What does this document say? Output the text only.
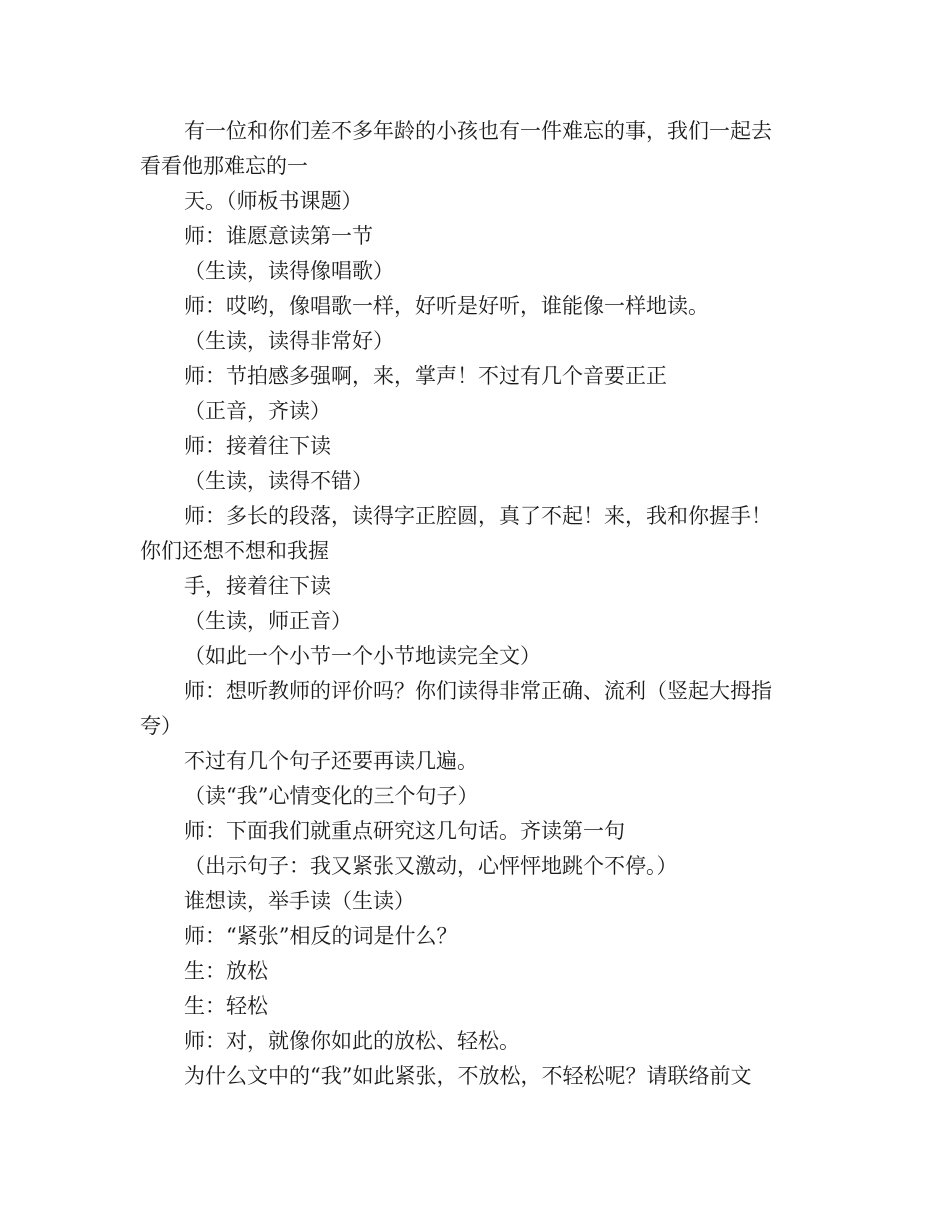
有一位和你们差不多年龄的小孩也有一件难忘的事，我们一起去
看看他那难忘的一
天。（师板书课题）
师：谁愿意读第一节
（生读，读得像唱歌）
师：哎哟，像唱歌一样，好听是好听，谁能像一样地读。
（生读，读得非常好）
师：节拍感多强啊，来，掌声！不过有几个音要正正
（正音，齐读）
师：接着往下读
（生读，读得不错）
师：多长的段落，读得字正腔圆，真了不起！来，我和你握手！
你们还想不想和我握
手，接着往下读
（生读，师正音）
（如此一个小节一个小节地读完全文）
师：想听教师的评价吗？你们读得非常正确、流利（竖起大拇指
夸）
不过有几个句子还要再读几遍。
（读“我”心情变化的三个句子）
师：下面我们就重点研究这几句话。齐读第一句
（出示句子：我又紧张又激动，心怦怦地跳个不停。）
谁想读，举手读（生读）
师：“紧张”相反的词是什么？
生：放松
生：轻松
师：对，就像你如此的放松、轻松。
为什么文中的“我”如此紧张，不放松，不轻松呢？请联络前文
